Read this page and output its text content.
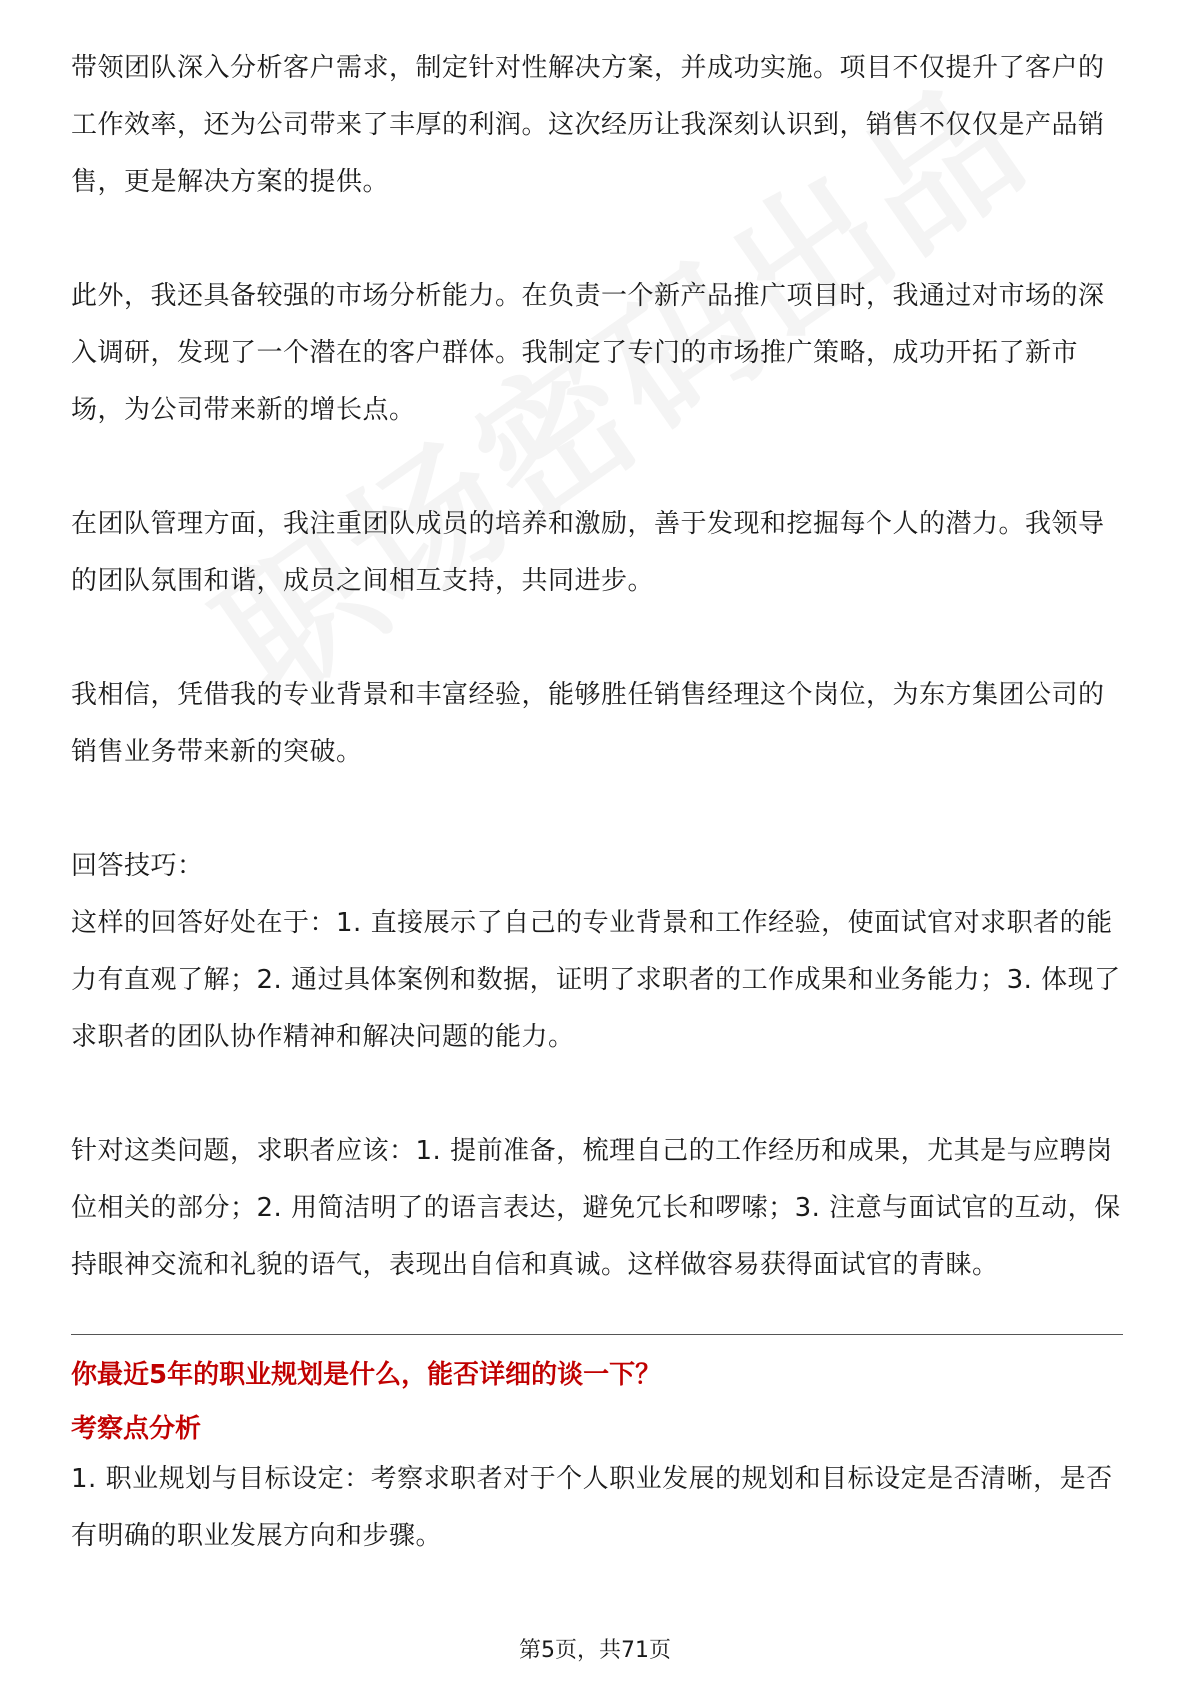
带领团队深入分析客户需求，制定针对性解决方案，并成功实施。项目不仅提升了客户的工作效率，还为公司带来了丰厚的利润。这次经历让我深刻认识到，销售不仅仅是产品销售，更是解决方案的提供。

此外，我还具备较强的市场分析能力。在负责一个新产品推广项目时，我通过对市场的深入调研，发现了一个潜在的客户群体。我制定了专门的市场推广策略，成功开拓了新市场，为公司带来新的增长点。

在团队管理方面，我注重团队成员的培养和激励，善于发现和挖掘每个人的潜力。我领导的团队氛围和谐，成员之间相互支持，共同进步。

我相信，凭借我的专业背景和丰富经验，能够胜任销售经理这个岗位，为东方集团公司的销售业务带来新的突破。

回答技巧：

这样的回答好处在于：1. 直接展示了自己的专业背景和工作经验，使面试官对求职者的能力有直观了解；2. 通过具体案例和数据，证明了求职者的工作成果和业务能力；3. 体现了求职者的团队协作精神和解决问题的能力。

针对这类问题，求职者应该：1. 提前准备，梳理自己的工作经历和成果，尤其是与应聘岗位相关的部分；2. 用简洁明了的语言表达，避免冗长和啰嗦；3. 注意与面试官的互动，保持眼神交流和礼貌的语气，表现出自信和真诚。这样做容易获得面试官的青睐。

你最近5年的职业规划是什么，能否详细的谈一下？
考察点分析

1. 职业规划与目标设定：考察求职者对于个人职业发展的规划和目标设定是否清晰，是否有明确的职业发展方向和步骤。

第5页，共71页
